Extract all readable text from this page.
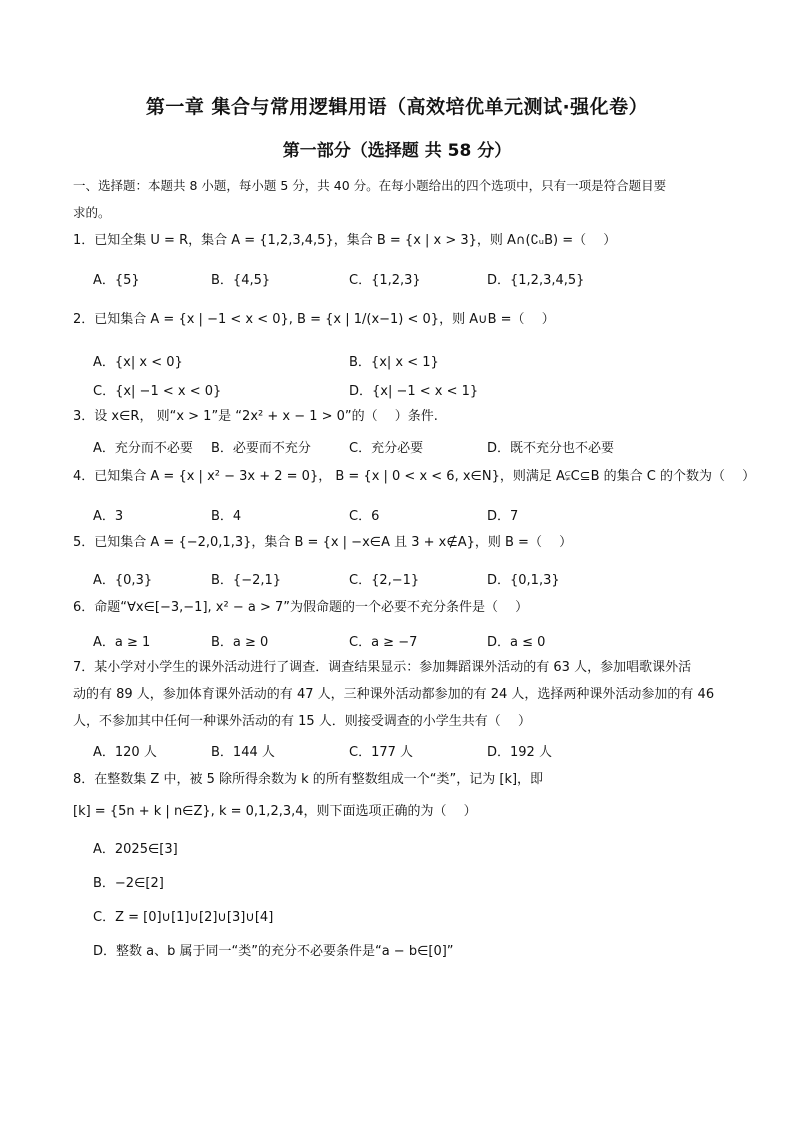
第一章 集合与常用逻辑用语（高效培优单元测试·强化卷）
第一部分（选择题 共 58 分）
一、选择题：本题共 8 小题，每小题 5 分，共 40 分。在每小题给出的四个选项中，只有一项是符合题目要
求的。
1．已知全集 U = R，集合 A = {1,2,3,4,5}，集合 B = {x | x > 3}，则 A∩(∁ᵤB) =（　 ）
A．{5}	B．{4,5}	C．{1,2,3}	D．{1,2,3,4,5}
2．已知集合 A = {x | −1 < x < 0}, B = {x | 1/(x−1) < 0}，则 A∪B =（　 ）
A．{x| x < 0}	B．{x| x < 1}
C．{x| −1 < x < 0}	D．{x| −1 < x < 1}
3．设 x∈R， 则“x > 1”是 “2x² + x − 1 > 0”的（　 ）条件.
A．充分而不必要 B．必要而不充分	C．充分必要	D．既不充分也不必要
4．已知集合 A = {x | x² − 3x + 2 = 0}， B = {x | 0 < x < 6, x∈N}，则满足 A⫋C⊆B 的集合 C 的个数为（　 ）
A．3	B．4	C．6	D．7
5．已知集合 A = {−2,0,1,3}，集合 B = {x | −x∈A 且 3 + x∉A}，则 B =（　 ）
A．{0,3}	B．{−2,1}	C．{2,−1}	D．{0,1,3}
6．命题“∀x∈[−3,−1], x² − a > 7”为假命题的一个必要不充分条件是（　 ）
A．a ≥ 1	B．a ≥ 0	C．a ≥ −7	D．a ≤ 0
7．某小学对小学生的课外活动进行了调查．调查结果显示：参加舞蹈课外活动的有 63 人，参加唱歌课外活
动的有 89 人，参加体育课外活动的有 47 人，三种课外活动都参加的有 24 人，选择两种课外活动参加的有 46
人，不参加其中任何一种课外活动的有 15 人．则接受调查的小学生共有（　 ）
A．120 人	B．144 人	C．177 人	D．192 人
8．在整数集 Z 中，被 5 除所得余数为 k 的所有整数组成一个“类”，记为 [k]，即
[k] = {5n + k | n∈Z}, k = 0,1,2,3,4，则下面选项正确的为（　 ）
A．2025∈[3]
B．−2∈[2]
C．Z = [0]∪[1]∪[2]∪[3]∪[4]
D．整数 a、b 属于同一“类”的充分不必要条件是“a − b∈[0]”
